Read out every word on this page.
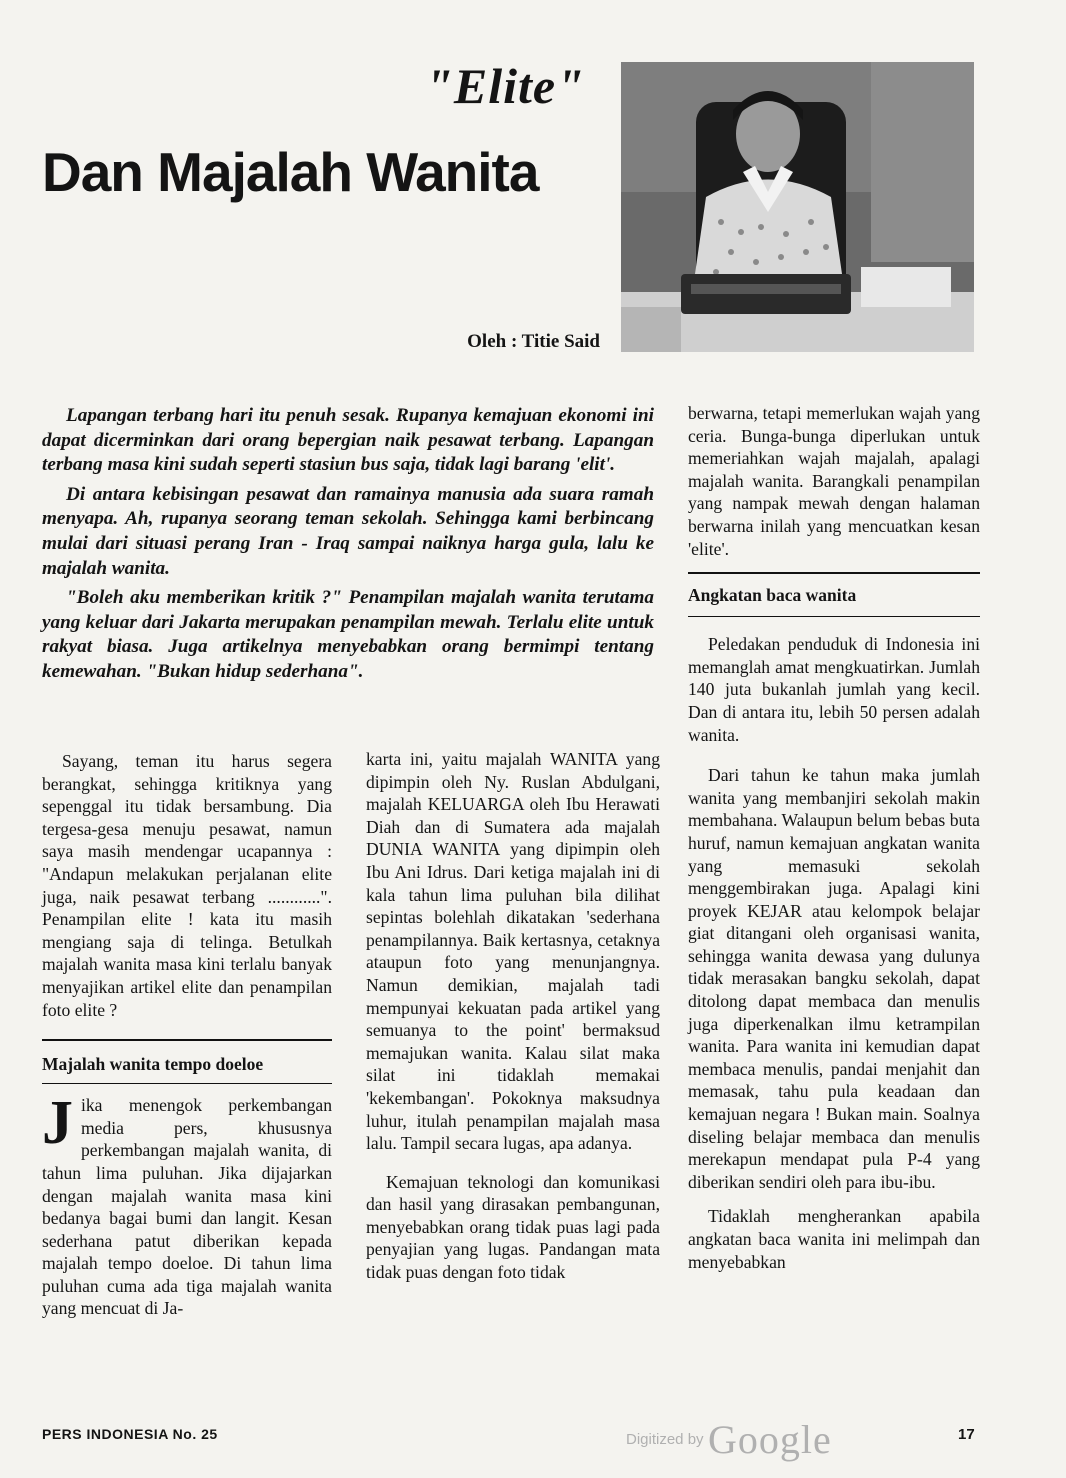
"Elite"
Dan Majalah Wanita
Oleh : Titie Said

Lapangan terbang hari itu penuh sesak. Rupanya kemajuan ekonomi ini dapat dicerminkan dari orang bepergian naik pesawat terbang. Lapangan terbang masa kini sudah seperti stasiun bus saja, tidak lagi barang 'elit'.

Di antara kebisingan pesawat dan ramainya manusia ada suara ramah menyapa. Ah, rupanya seorang teman sekolah. Sehingga kami berbincang mulai dari situasi perang Iran - Iraq sampai naiknya harga gula, lalu ke majalah wanita.

"Boleh aku memberikan kritik ?" Penampilan majalah wanita terutama yang keluar dari Jakarta merupakan penampilan mewah. Terlalu elite untuk rakyat biasa. Juga artikelnya menyebabkan orang bermimpi tentang kemewahan. "Bukan hidup sederhana".

Sayang, teman itu harus segera berangkat, sehingga kritiknya yang sepenggal itu tidak bersambung. Dia tergesa-gesa menuju pesawat, namun saya masih mendengar ucapannya : "Andapun melakukan perjalanan elite juga, naik pesawat terbang ............". Penampilan elite ! kata itu masih mengiang saja di telinga. Betulkah majalah wanita masa kini terlalu banyak menyajikan artikel elite dan penampilan foto elite ?

Majalah wanita tempo doeloe

Jika menengok perkembangan media pers, khususnya perkembangan majalah wanita, di tahun lima puluhan. Jika dijajarkan dengan majalah wanita masa kini bedanya bagai bumi dan langit. Kesan sederhana patut diberikan kepada majalah tempo doeloe. Di tahun lima puluhan cuma ada tiga majalah wanita yang mencuat di Ja-

karta ini, yaitu majalah WANITA yang dipimpin oleh Ny. Ruslan Abdulgani, majalah KELUARGA oleh Ibu Herawati Diah dan di Sumatera ada majalah DUNIA WANITA yang dipimpin oleh Ibu Ani Idrus. Dari ketiga majalah ini di kala tahun lima puluhan bila dilihat sepintas bolehlah dikatakan 'sederhana penampilannya. Baik kertasnya, cetaknya ataupun foto yang menunjangnya. Namun demikian, majalah tadi mempunyai kekuatan pada artikel yang semuanya to the point' bermaksud memajukan wanita. Kalau silat maka silat ini tidaklah memakai 'kekembangan'. Pokoknya maksudnya luhur, itulah penampilan majalah masa lalu. Tampil secara lugas, apa adanya.

Kemajuan teknologi dan komunikasi dan hasil yang dirasakan pembangunan, menyebabkan orang tidak puas lagi pada penyajian yang lugas. Pandangan mata tidak puas dengan foto tidak

berwarna, tetapi memerlukan wajah yang ceria. Bunga-bunga diperlukan untuk memeriahkan wajah majalah, apalagi majalah wanita. Barangkali penampilan yang nampak mewah dengan halaman berwarna inilah yang mencuatkan kesan 'elite'.

Angkatan baca wanita

Peledakan penduduk di Indonesia ini memanglah amat mengkuatirkan. Jumlah 140 juta bukanlah jumlah yang kecil. Dan di antara itu, lebih 50 persen adalah wanita.

Dari tahun ke tahun maka jumlah wanita yang membanjiri sekolah makin membahana. Walaupun belum bebas buta huruf, namun kemajuan angkatan wanita yang memasuki sekolah menggembirakan juga. Apalagi kini proyek KEJAR atau kelompok belajar giat ditangani oleh organisasi wanita, sehingga wanita dewasa yang dulunya tidak merasakan bangku sekolah, dapat ditolong dapat membaca dan menulis juga diperkenalkan ilmu ketrampilan wanita. Para wanita ini kemudian dapat membaca menulis, pandai menjahit dan memasak, tahu pula keadaan dan kemajuan negara ! Bukan main. Soalnya diseling belajar membaca dan menulis merekapun mendapat pula P-4 yang diberikan sendiri oleh para ibu-ibu.

Tidaklah mengherankan apabila angkatan baca wanita ini melimpah dan menyebabkan

PERS INDONESIA No. 25	Digitized by Google	17
